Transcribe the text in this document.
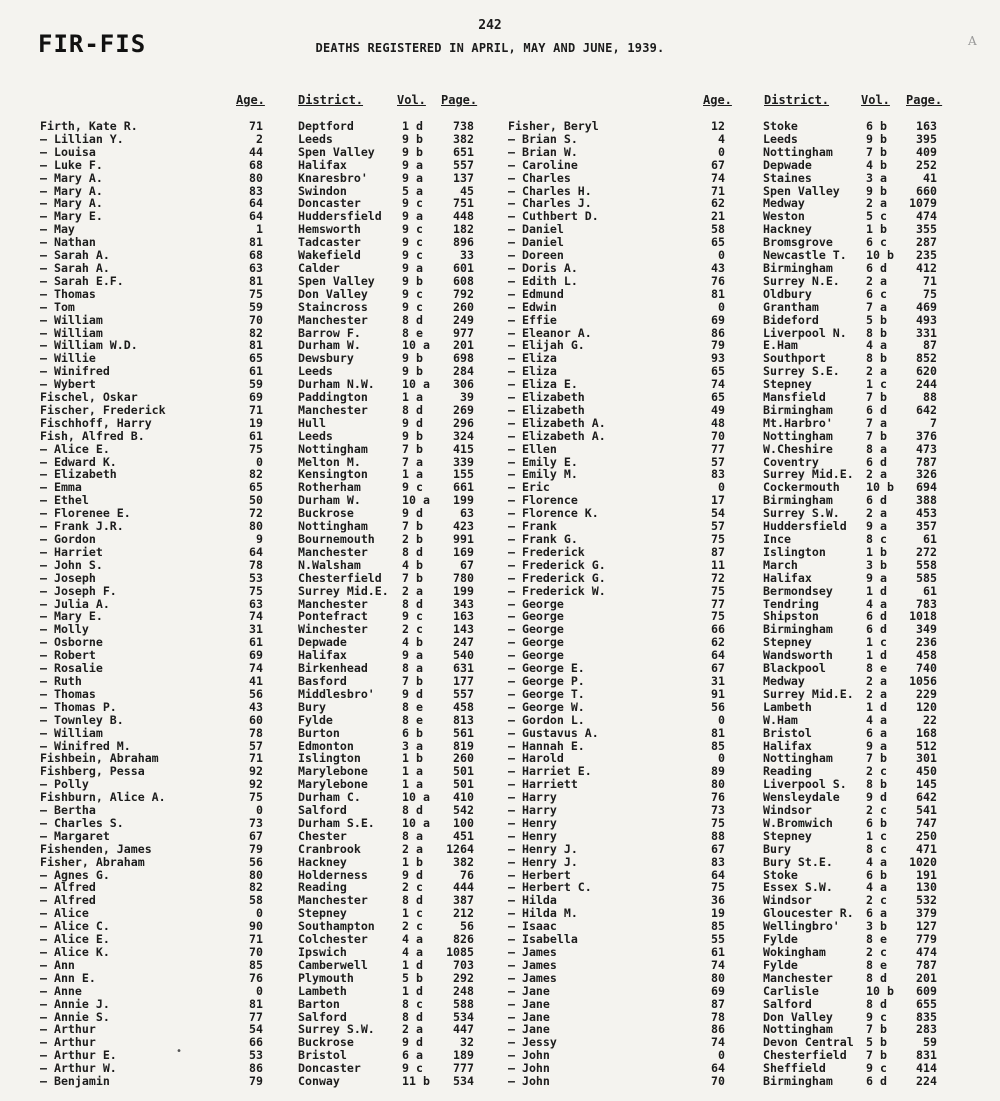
FIR-FIS
242
DEATHS REGISTERED IN APRIL, MAY AND JUNE, 1939.	A
Age.	District.	Vol. Page.
Firth, Kate R.	71	Deptford	1 d	738
— Lillian Y.	2	Leeds	9 b	382
— Louisa	44	Spen Valley 9 b	651
— Luke F.	68	Halifax	9 a	557
— Mary A.	80	Knaresbro'	9 a	137
— Mary A.	83	Swindon	5 a	45
— Mary A.	64	Doncaster	9 c	751
— Mary E.	64	Huddersfield 9 a	448
— May	1	Hemsworth	9 c	182
— Nathan	81	Tadcaster	9 c	896
— Sarah A.	68	Wakefield	9 c	33
— Sarah A.	63	Calder	9 a	601
— Sarah E.F.	81	Spen Valley 9 b	608
— Thomas	75	Don Valley	9 c	792
— Tom	59	Staincross	9 c	260
— William	70	Manchester	8 d	249
— William	82	Barrow F.	8 e	977
— William W.D.	81	Durham W.	10 a	201
— Willie	65	Dewsbury	9 b	698
— Winifred	61	Leeds	9 b	284
— Wybert	59	Durham N.W. 10 a	306
Fischel, Oskar	69	Paddington	1 a	39
Fischer, Frederick	71	Manchester	8 d	269
Fischhoff, Harry	19	Hull	9 d	296
Fish, Alfred B.	61	Leeds	9 b	324
— Alice E.	75	Nottingham	7 b	415
— Edward K.	0	Melton M.	7 a	339
— Elizabeth	82	Kensington	1 a	155
— Emma	65	Rotherham	9 c	661
— Ethel	50	Durham W.	10 a	199
— Florenee E.	72	Buckrose	9 d	63
— Frank J.R.	80	Nottingham	7 b	423
— Gordon	9	Bournemouth 2 b	991
— Harriet	64	Manchester	8 d	169
— John S.	78	N.Walsham	4 b	67
— Joseph	53	Chesterfield 7 b	780
— Joseph F.	75	Surrey Mid.E. 2 a	199
— Julia A.	63	Manchester	8 d	343
— Mary E.	74	Pontefract	9 c	163
— Molly	31	Winchester	2 c	143
— Osborne	61	Depwade	4 b	247
— Robert	69	Halifax	9 a	540
— Rosalie	74	Birkenhead	8 a	631
— Ruth	41	Basford	7 b	177
— Thomas	56	Middlesbro' 9 d	557
— Thomas P.	43	Bury	8 e	458
— Townley B.	60	Fylde	8 e	813
— William	78	Burton	6 b	561
— Winifred M.	57	Edmonton	3 a	819
Fishbein, Abraham	71	Islington	1 b	260
Fishberg, Pessa	92	Marylebone	1 a	501
— Polly	92	Marylebone	1 a	501
Fishburn, Alice A.	75	Durham C.	10 a	410
— Bertha	0	Salford	8 d	542
— Charles S.	73	Durham S.E. 10 a	100
— Margaret	67	Chester	8 a	451
Fishenden, James	79	Cranbrook	2 a	1264
Fisher, Abraham	56	Hackney	1 b	382
— Agnes G.	80	Holderness	9 d	76
— Alfred	82	Reading	2 c	444
— Alfred	58	Manchester	8 d	387
— Alice	0	Stepney	1 c	212
— Alice C.	90	Southampton 2 c	56
— Alice E.	71	Colchester	4 a	826
— Alice K.	70	Ipswich	4 a	1085
— Ann	85	Camberwell	1 d	703
— Ann E.	76	Plymouth	5 b	292
— Anne	0	Lambeth	1 d	248
— Annie J.	81	Barton	8 c	588
— Annie S.	77	Salford	8 d	534
— Arthur	54	Surrey S.W. 2 a	447
— Arthur	66	Buckrose	9 d	32
— Arthur E.	53	Bristol	6 a	189
— Arthur W.	86	Doncaster	9 c	777
— Benjamin	79	Conway	11 b	534
Age.	District.	Vol. Page.
Fisher, Beryl	12	Stoke	6 b	163
— Brian S.	4	Leeds	9 b	395
— Brian W.	0	Nottingham	7 b	409
— Caroline	67	Depwade	4 b	252
— Charles	74	Staines	3 a	41
— Charles H.	71	Spen Valley 9 b	660
— Charles J.	62	Medway	2 a	1079
— Cuthbert D.	21	Weston	5 c	474
— Daniel	58	Hackney	1 b	355
— Daniel	65	Bromsgrove	6 c	287
— Doreen	0	Newcastle T. 10 b	235
— Doris A.	43	Birmingham	6 d	412
— Edith L.	76	Surrey N.E. 2 a	71
— Edmund	81	Oldbury	6 c	75
— Edwin	0	Grantham	7 a	469
— Effie	69	Bideford	5 b	493
— Eleanor A.	86	Liverpool N. 8 b	331
— Elijah G.	79	E.Ham	4 a	87
— Eliza	93	Southport	8 b	852
— Eliza	65	Surrey S.E. 2 a	620
— Eliza E.	74	Stepney	1 c	244
— Elizabeth	65	Mansfield	7 b	88
— Elizabeth	49	Birmingham	6 d	642
— Elizabeth A.	48	Mt.Harbro'	7 a	7
— Elizabeth A.	70	Nottingham	7 b	376
— Ellen	77	W.Cheshire	8 a	473
— Emily E.	57	Coventry	6 d	787
— Emily M.	83	Surrey Mid.E. 2 a	326
— Eric	0	Cockermouth 10 b	694
— Florence	17	Birmingham	6 d	388
— Florence K.	54	Surrey S.W. 2 a	453
— Frank	57	Huddersfield 9 a	357
— Frank G.	75	Ince	8 c	61
— Frederick	87	Islington	1 b	272
— Frederick G.	11	March	3 b	558
— Frederick G.	72	Halifax	9 a	585
— Frederick W.	75	Bermondsey	1 d	61
— George	77	Tendring	4 a	783
— George	75	Shipston	6 d	1018
— George	66	Birmingham	6 d	349
— George	62	Stepney	1 c	236
— George	64	Wandsworth	1 d	458
— George E.	67	Blackpool	8 e	740
— George P.	31	Medway	2 a	1056
— George T.	91	Surrey Mid.E. 2 a	229
— George W.	56	Lambeth	1 d	120
— Gordon L.	0	W.Ham	4 a	22
— Gustavus A.	81	Bristol	6 a	168
— Hannah E.	85	Halifax	9 a	512
— Harold	0	Nottingham	7 b	301
— Harriet E.	89	Reading	2 c	450
— Harriett	80	Liverpool S. 8 b	145
— Harry	76	Wensleydale 9 d	642
— Harry	73	Windsor	2 c	541
— Henry	75	W.Bromwich	6 b	747
— Henry	88	Stepney	1 c	250
— Henry J.	67	Bury	8 c	471
— Henry J.	83	Bury St.E.	4 a	1020
— Herbert	64	Stoke	6 b	191
— Herbert C.	75	Essex S.W.	4 a	130
— Hilda	36	Windsor	2 c	532
— Hilda M.	19	Gloucester R. 6 a	379
— Isaac	85	Wellingbro' 3 b	127
— Isabella	55	Fylde	8 e	779
— James	61	Wokingham	2 c	474
— James	74	Fylde	8 e	787
— James	80	Manchester	8 d	201
— Jane	69	Carlisle	10 b	609
— Jane	87	Salford	8 d	655
— Jane	78	Don Valley	9 c	835
— Jane	86	Nottingham	7 b	283
— Jessy	74	Devon Central 5 b	59
— John	0	Chesterfield 7 b	831
— John	64	Sheffield	9 c	414
— John	70	Birmingham	6 d	224
•
